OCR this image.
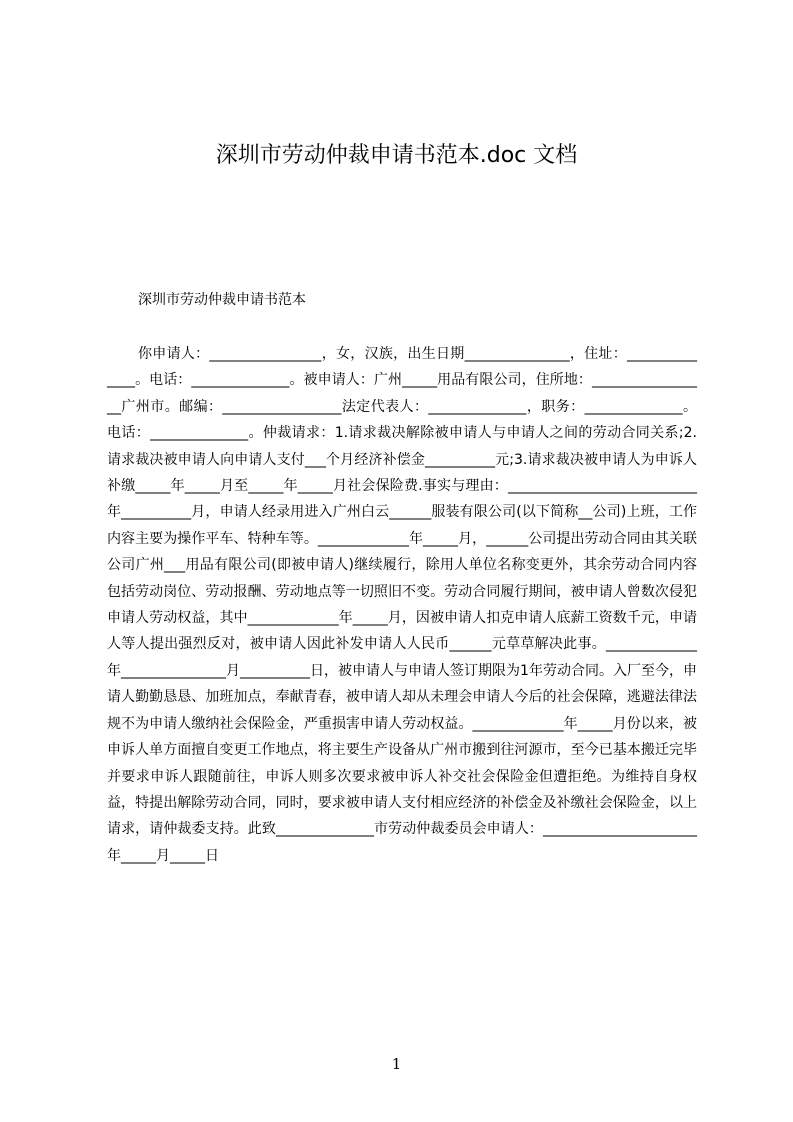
深圳市劳动仲裁申请书范本.doc 文档
深圳市劳动仲裁申请书范本

你申请人：________________，女，汉族，出生日期_______________，住址：______________。电话：______________。被申请人：广州_____用品有限公司，住所地：_________________广州市。邮编：_________________法定代表人：______________，职务：______________。电话：______________。仲裁请求：1.请求裁决解除被申请人与申请人之间的劳动合同关系;2.请求裁决被申请人向申请人支付___个月经济补偿金__________元;3.请求裁决被申请人为申诉人补缴_____年_____月至_____年_____月社会保险费.事实与理由：___________________________年__________月，申请人经录用进入广州白云______服装有限公司(以下简称__公司)上班，工作内容主要为操作平车、特种车等。_____________年_____月，______公司提出劳动合同由其关联公司广州___用品有限公司(即被申请人)继续履行，除用人单位名称变更外，其余劳动合同内容包括劳动岗位、劳动报酬、劳动地点等一切照旧不变。劳动合同履行期间，被申请人曾数次侵犯申请人劳动权益，其中_____________年_____月，因被申请人扣克申请人底薪工资数千元，申请人等人提出强烈反对，被申请人因此补发申请人人民币______元草草解决此事。_____________年_______________月__________日，被申请人与申请人签订期限为1年劳动合同。入厂至今，申请人勤勤恳恳、加班加点，奉献青春，被申请人却从未理会申请人今后的社会保障，逃避法律法规不为申请人缴纳社会保险金，严重损害申请人劳动权益。_____________年_____月份以来，被申诉人单方面擅自变更工作地点，将主要生产设备从广州市搬到往河源市，至今已基本搬迁完毕并要求申诉人跟随前往，申诉人则多次要求被申诉人补交社会保险金但遭拒绝。为维持自身权益，特提出解除劳动合同，同时，要求被申请人支付相应经济的补偿金及补缴社会保险金，以上请求，请仲裁委支持。此致______________市劳动仲裁委员会申请人：______________________年_____月_____日

1
